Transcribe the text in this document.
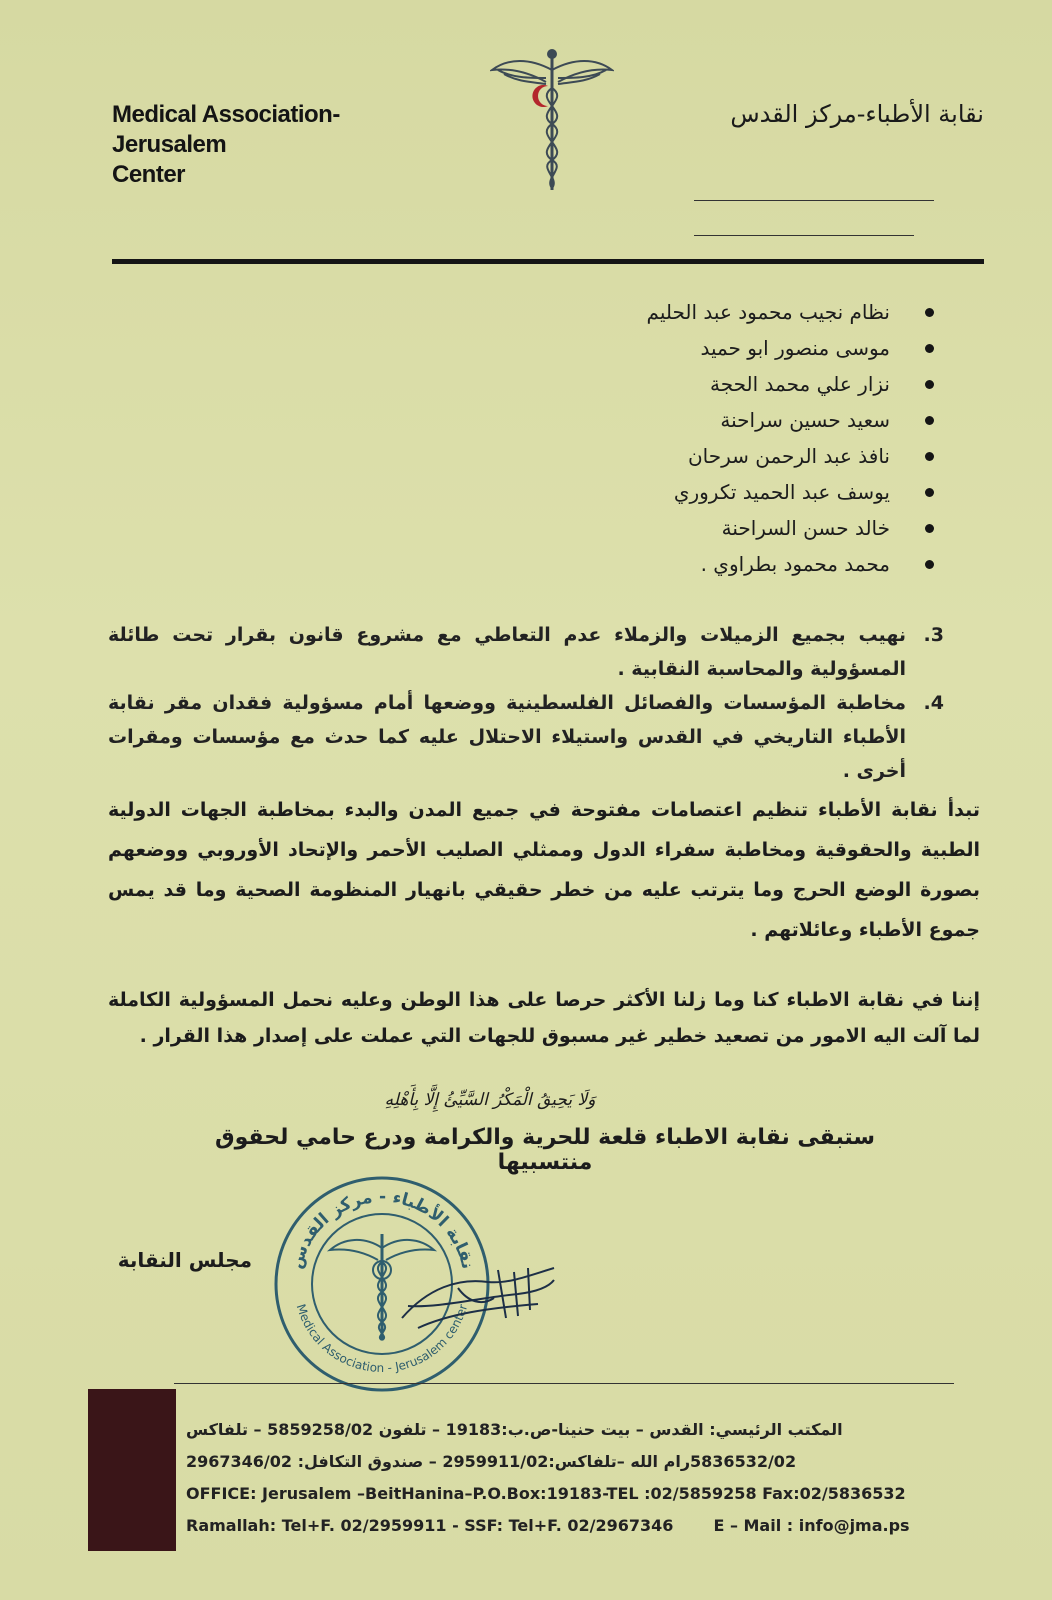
Medical Association-Jerusalem
Center
نقابة الأطباء-مركز القدس
نظام نجيب محمود عبد الحليم
موسى منصور ابو حميد
نزار علي محمد الحجة
سعيد حسين سراحنة
نافذ عبد الرحمن سرحان
يوسف عبد الحميد تكروري
خالد حسن السراحنة
محمد محمود بطراوي .
3.
نهيب بجميع الزميلات والزملاء عدم التعاطي مع مشروع قانون بقرار تحت طائلة المسؤولية والمحاسبة النقابية .
4.
مخاطبة المؤسسات والفصائل الفلسطينية ووضعها أمام مسؤولية فقدان مقر نقابة الأطباء التاريخي في القدس واستيلاء الاحتلال عليه كما حدث مع مؤسسات ومقرات أخرى .
تبدأ نقابة الأطباء تنظيم اعتصامات مفتوحة في جميع المدن والبدء بمخاطبة الجهات الدولية الطبية والحقوقية ومخاطبة سفراء الدول وممثلي الصليب الأحمر والإتحاد الأوروبي ووضعهم بصورة الوضع الحرج وما يترتب عليه من خطر حقيقي بانهيار المنظومة الصحية وما قد يمس جموع الأطباء وعائلاتهم .
إننا في نقابة الاطباء كنا وما زلنا الأكثر حرصا على هذا الوطن وعليه نحمل المسؤولية الكاملة لما آلت اليه الامور من تصعيد خطير غير مسبوق للجهات التي عملت على إصدار هذا القرار .
وَلَا يَحِيقُ الْمَكْرُ السَّيِّئُ إِلَّا بِأَهْلِهِ
ستبقى نقابة الاطباء قلعة للحرية والكرامة ودرع حامي لحقوق منتسبيها
مجلس النقابة نقابة الأطباء - مركز القدس
Medical Association - Jerusalem center
المكتب الرئيسي: القدس – بيت حنينا-ص.ب:19183 – تلفون 5859258/02 – تلفاكس
5836532/02رام الله –تلفاكس:2959911/02 – صندوق التكافل: 2967346/02
OFFICE: Jerusalem –BeitHanina–P.O.Box:19183-TEL :02/5859258 Fax:02/5836532
Ramallah: Tel+F. 02/2959911 - SSF: Tel+F. 02/2967346	E – Mail : info@jma.ps
